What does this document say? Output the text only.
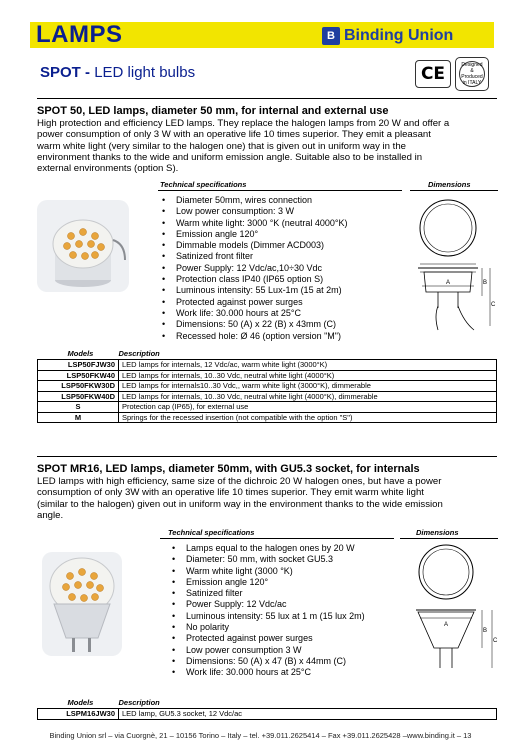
LAMPS	B Binding Union
SPOT - LED light bulbs	CE	Designed & Produced in ITALY
SPOT 50, LED lamps, diameter 50 mm, for internal and external use
High protection and efficiency LED lamps. They replace the halogen lamps from 20 W and offer a
power consumption of only 3 W with an operative life 10 times superior. They emit a pleasant
warm white light (very similar to the halogen one) that is given out in uniform way in the
environment thanks to the wide and uniform emission angle. Suitable also to be installed in
external environments (option S).
Technical specifications	Dimensions
• Diameter 50mm, wires connection
• Low power consumption: 3 W
• Warm white light: 3000 °K (neutral 4000°K)
• Emission angle 120°
• Dimmable models (Dimmer ACD003)
• Satinized front filter
• Power Supply: 12 Vdc/ac,10÷30 Vdc
• Protection class IP40 (IP65 option S)
• Luminous intensity: 55 Lux-1m (15 at 2m)
• Protected against power surges
• Work life: 30.000 hours at 25°C
• Dimensions: 50 (A) x 22 (B) x 43mm (C)
• Recessed hole: Ø 46 (option version "M")
A	B
C
Models	Description
LSP50FJW30	LED lamps for internals, 12 Vdc/ac, warm white light (3000°K)
LSP50FKW40	LED lamps for internals, 10..30 Vdc, neutral white light (4000°K)
LSP50FKW30D	LED lamps for internals10..30 Vdc,, warm white light (3000°K), dimmerable
LSP50FKW40D	LED lamps for internals, 10..30 Vdc, neutral white light (4000°K), dimmerable
S	Protection cap (IP65), for external use
M	Springs for the recessed insertion (not compatible with the option "S")
SPOT MR16, LED lamps, diameter 50mm, with GU5.3 socket, for internals
LED lamps with high efficiency, same size of the dichroic 20 W halogen ones, but have a power
consumption of only 3W with an operative life 10 times superior. They emit warm white light
(similar to the halogen) given out in uniform way in the environment thanks to the wide emission
angle.
Technical specifications	Dimensions
• Lamps equal to the halogen ones by 20 W
• Diameter: 50 mm, with socket GU5.3
• Warm white light (3000 °K)
• Emission angle 120°
• Satinized filter
• Power Supply: 12 Vdc/ac
• Luminous intensity: 55 lux at 1 m (15 lux 2m)
• No polarity
• Protected against power surges
• Low power consumption 3 W
• Dimensions: 50 (A) x 47 (B) x 44mm (C)
• Work life: 30.000 hours at 25°C
A
B
C
Models	Description
LSPM16JW30	LED lamp, GU5.3 socket, 12 Vdc/ac
Binding Union srl – via Cuorgnè, 21 – 10156 Torino – Italy – tel. +39.011.2625414 – Fax +39.011.2625428 –www.binding.it – 13
